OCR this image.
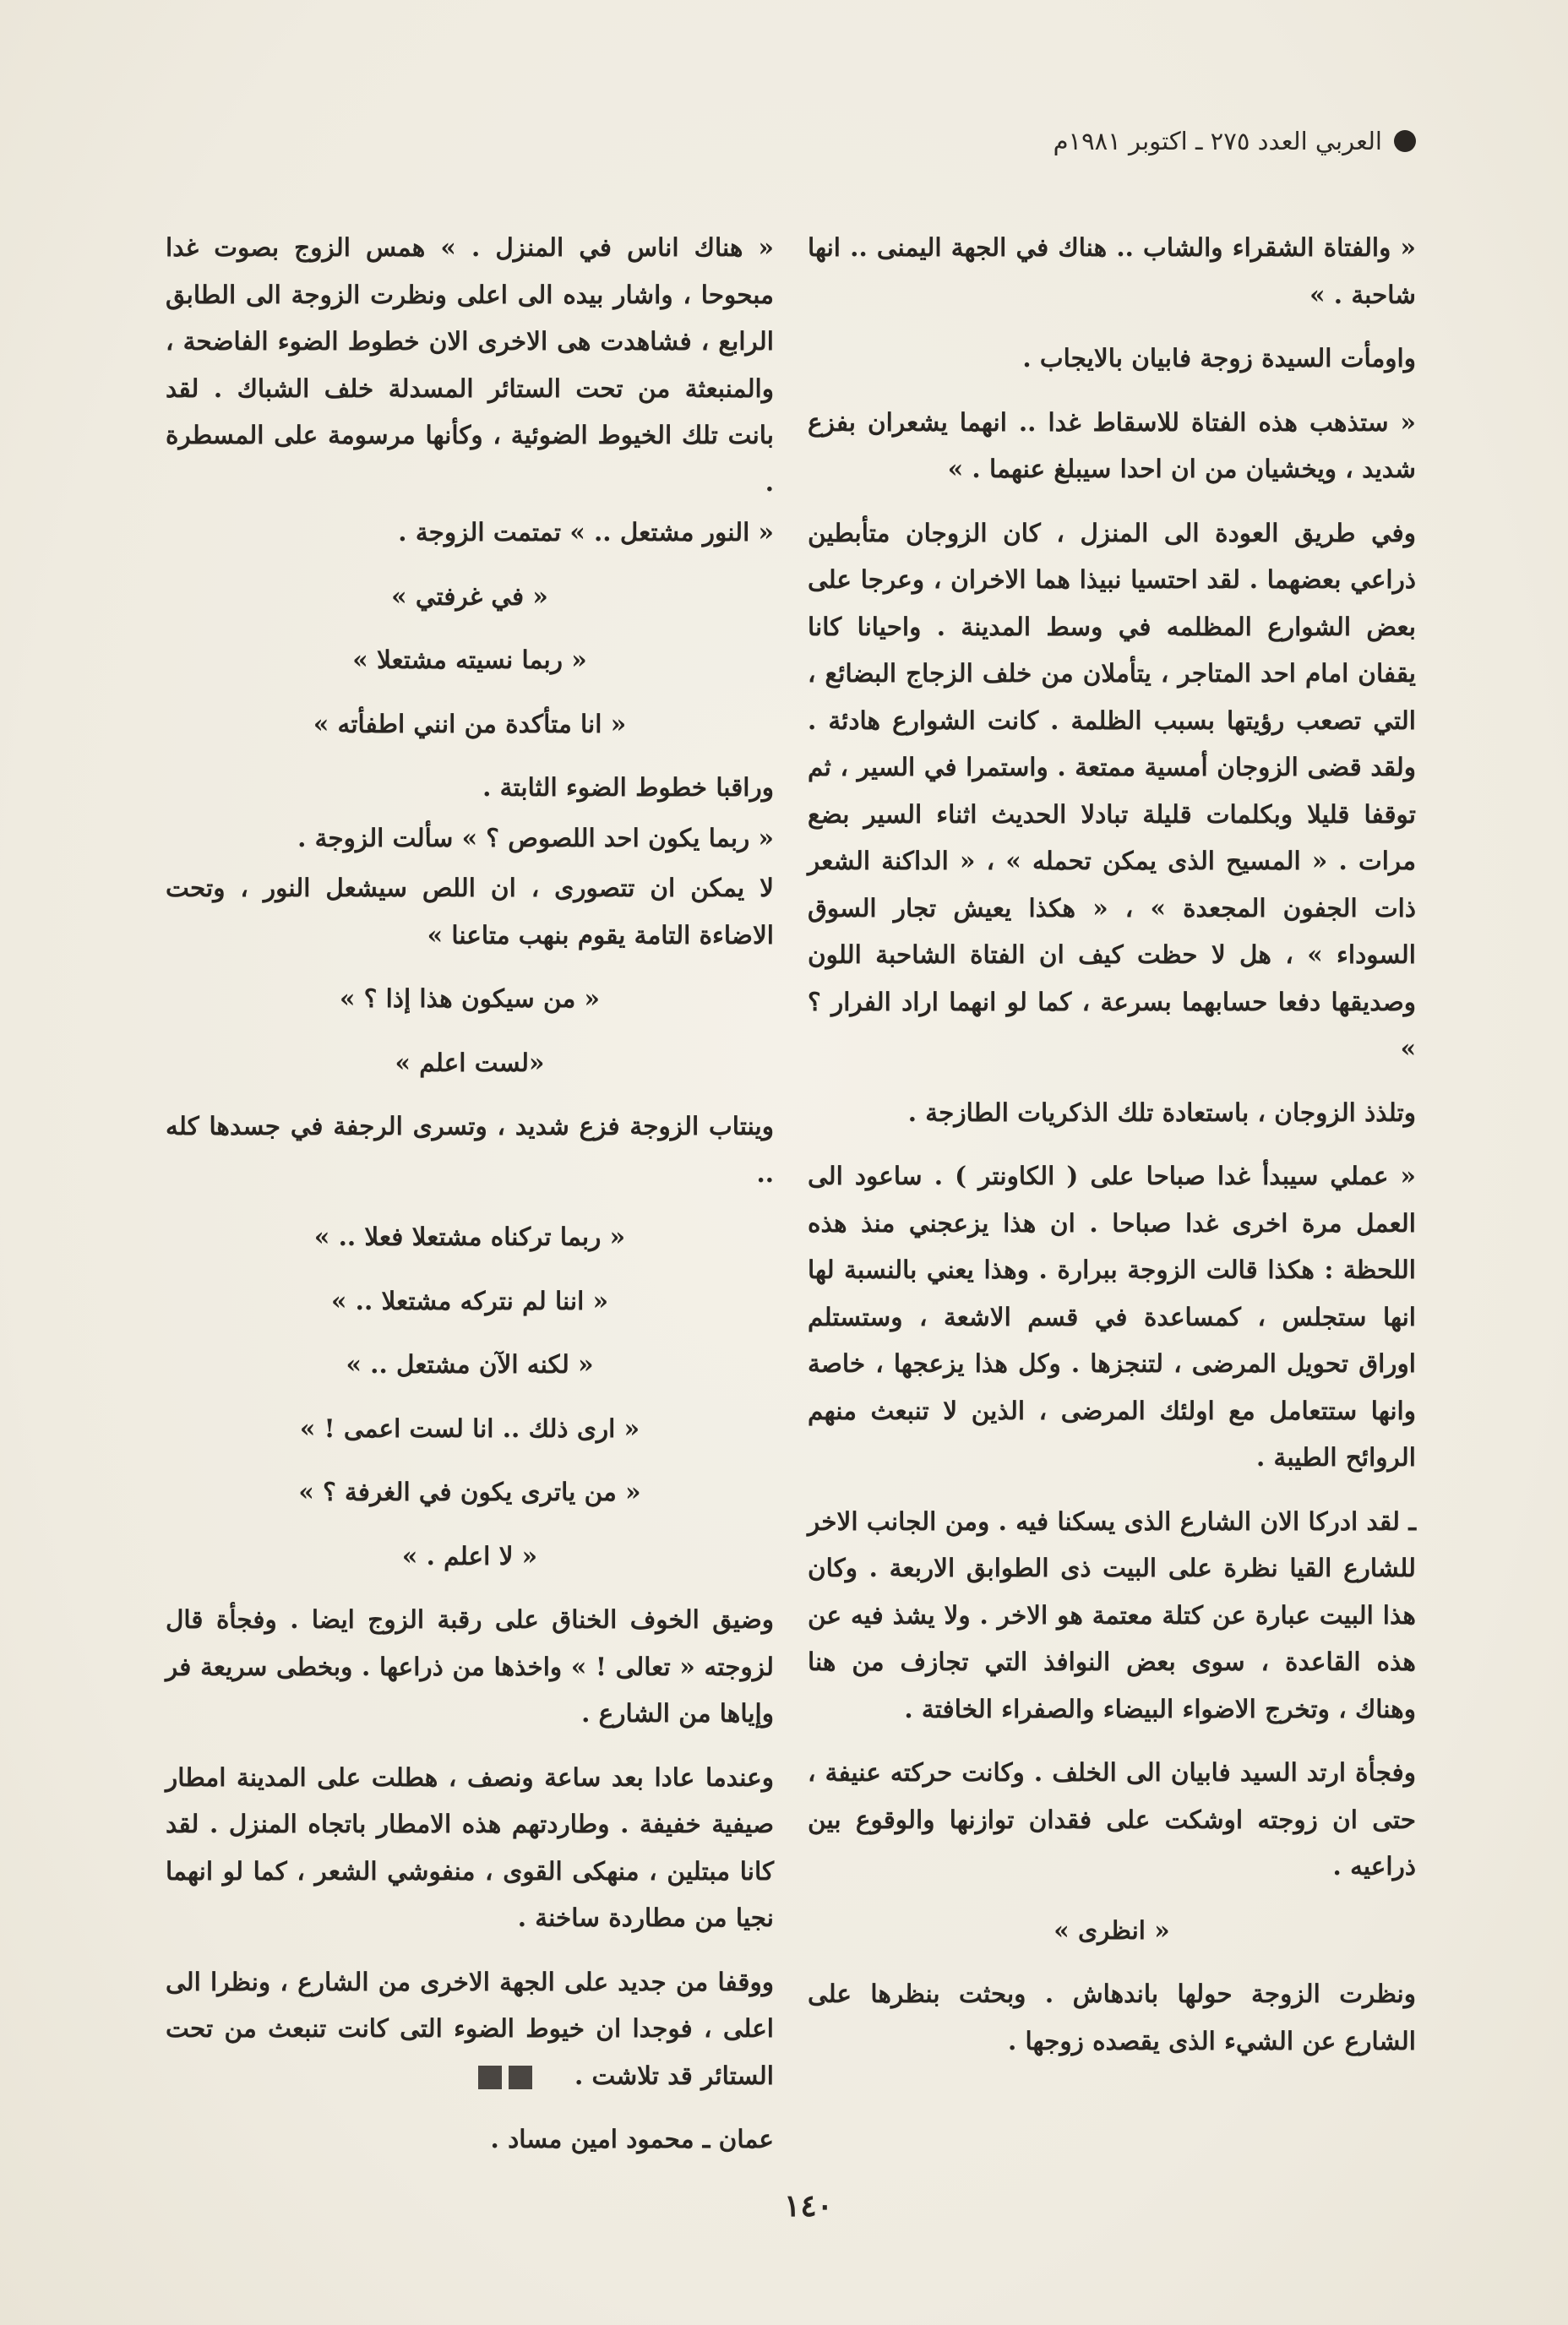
العربي العدد ٢٧٥ ـ اكتوبر ١٩٨١م

« والفتاة الشقراء والشاب .. هناك في الجهة اليمنى .. انها شاحبة . »

واومأت السيدة زوجة فابيان بالايجاب .

« ستذهب هذه الفتاة للاسقاط غدا .. انهما يشعران بفزع شديد ، ويخشيان من ان احدا سيبلغ عنهما . »

وفي طريق العودة الى المنزل ، كان الزوجان متأبطين ذراعي بعضهما . لقد احتسيا نبيذا هما الاخران ، وعرجا على بعض الشوارع المظلمه في وسط المدينة . واحيانا كانا يقفان امام احد المتاجر ، يتأملان من خلف الزجاج البضائع ، التي تصعب رؤيتها بسبب الظلمة . كانت الشوارع هادئة . ولقد قضى الزوجان أمسية ممتعة . واستمرا في السير ، ثم توقفا قليلا وبكلمات قليلة تبادلا الحديث اثناء السير بضع مرات . « المسيح الذى يمكن تحمله » ، « الداكنة الشعر ذات الجفون المجعدة » ، « هكذا يعيش تجار السوق السوداء » ، هل لا حظت كيف ان الفتاة الشاحبة اللون وصديقها دفعا حسابهما بسرعة ، كما لو انهما اراد الفرار ؟ »

وتلذذ الزوجان ، باستعادة تلك الذكريات الطازجة .

« عملي سيبدأ غدا صباحا على ( الكاونتر ) . ساعود الى العمل مرة اخرى غدا صباحا . ان هذا يزعجني منذ هذه اللحظة : هكذا قالت الزوجة ببرارة . وهذا يعني بالنسبة لها انها ستجلس ، كمساعدة في قسم الاشعة ، وستستلم اوراق تحويل المرضى ، لتنجزها . وكل هذا يزعجها ، خاصة وانها ستتعامل مع اولئك المرضى ، الذين لا تنبعث منهم الروائح الطيبة .

ـ لقد ادركا الان الشارع الذى يسكنا فيه . ومن الجانب الاخر للشارع القيا نظرة على البيت ذى الطوابق الاربعة . وكان هذا البيت عبارة عن كتلة معتمة هو الاخر . ولا يشذ فيه عن هذه القاعدة ، سوى بعض النوافذ التي تجازف من هنا وهناك ، وتخرج الاضواء البيضاء والصفراء الخافتة .

وفجأة ارتد السيد فابيان الى الخلف . وكانت حركته عنيفة ، حتى ان زوجته اوشكت على فقدان توازنها والوقوع بين ذراعيه .

« انظرى »

ونظرت الزوجة حولها باندهاش . وبحثت بنظرها على الشارع عن الشيء الذى يقصده زوجها .

« هناك اناس في المنزل . » همس الزوج بصوت غدا مبحوحا ، واشار بيده الى اعلى ونظرت الزوجة الى الطابق الرابع ، فشاهدت هى الاخرى الان خطوط الضوء الفاضحة ، والمنبعثة من تحت الستائر المسدلة خلف الشباك . لقد بانت تلك الخيوط الضوئية ، وكأنها مرسومة على المسطرة .

« النور مشتعل .. » تمتمت الزوجة .

« في غرفتي »

« ربما نسيته مشتعلا »

« انا متأكدة من انني اطفأته »

وراقبا خطوط الضوء الثابتة .

« ربما يكون احد اللصوص ؟ » سألت الزوجة .

لا يمكن ان تتصورى ، ان اللص سيشعل النور ، وتحت الاضاءة التامة يقوم بنهب متاعنا »

« من سيكون هذا إذا ؟ »

«لست اعلم »

وينتاب الزوجة فزع شديد ، وتسرى الرجفة في جسدها كله ..

« ربما تركناه مشتعلا فعلا .. »

« اننا لم نتركه مشتعلا .. »

« لكنه الآن مشتعل .. »

« ارى ذلك .. انا لست اعمى ! »

« من ياترى يكون في الغرفة ؟ »

« لا اعلم . »

وضيق الخوف الخناق على رقبة الزوج ايضا . وفجأة قال لزوجته « تعالى ! » واخذها من ذراعها . وبخطى سريعة فر وإياها من الشارع .

وعندما عادا بعد ساعة ونصف ، هطلت على المدينة امطار صيفية خفيفة . وطاردتهم هذه الامطار باتجاه المنزل . لقد كانا مبتلين ، منهكى القوى ، منفوشي الشعر ، كما لو انهما نجيا من مطاردة ساخنة .

ووقفا من جديد على الجهة الاخرى من الشارع ، ونظرا الى اعلى ، فوجدا ان خيوط الضوء التى كانت تنبعث من تحت الستائر قد تلاشت .

عمان ـ محمود امين مساد .

١٤٠
